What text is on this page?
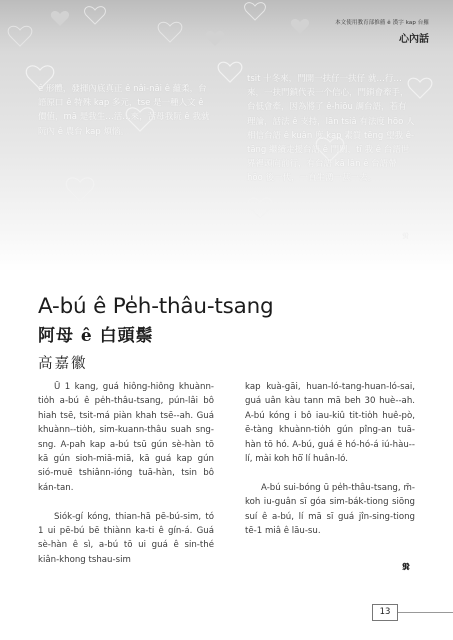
本文使用教育部推薦 ê 漢字 kap 台羅
心內話
ê 形體，發揮內底真正 ê nâi-nāi ê 蘊柔，台語原口 ê 特殊 kap 多元，tse 是一種人文 ê 價值，mā 是我生…活…來，苦母我阮 ê 我就阮內 ê 農台 kap 煩惱。
tsit 十冬來，門開一扶仔一扶仔 就…行…來，一扶門鎖代表一个信心，門鎖會牽手，台低會牽，因為將了 ê-hiōu 調台語，若有理論，話法 ê 支持，lān tsiâ 有法度 hōo 人相信台語 ê kuân 度 kap 素質 tēng 望我 ê-tāng 繼續走援台語 ê 門關，tī 我 ê 台語世界裡頭向前行，有台語 kā lân ê 台語帶 hōo 後一代，一直生湧一甚一去。
𝕹
A-bú ê Pe̍h-thâu-tsang
阿母 ê 白頭鬃
高嘉徽

Ū 1 kang, guá hiông-hiông khuànn-tio̍h a-bú ê pe̍h-thâu-tsang, pún-lâi bô hiah tsē, tsit-má piàn khah tsē--ah. Guá khuànn--tio̍h, sim-kuann-thâu suah sng-sng. A-pah kap a-bú tsū gún sè-hàn tō kā gún sioh-miā-miā, kā guá kap gún sió-muē tshiânn-ióng tuā-hàn, tsin bô kán-tan.

Siók-gí kóng, thian-hā pē-bú-sim, tó 1 ui pē-bú bē thiànn ka-ti ê gín-á. Guá sè-hàn ê sì, a-bú tō ui guá ê sin-thé kiân-khong tshau-sim

kap kuà-gāi, huan-ló-tang-huan-ló-sai, guá uân kàu tann mā beh 30 huè--ah. A-bú kóng i bô iau-kiû tit-tio̍h huê-pò, ē-tàng khuànn-tio̍h gún pîng-an tuā-hàn tō hó. A-bú, guá ē hó-hó-á iú-hàu--lí, mài koh hō͘ lí huân-ló.

A-bú sui-bóng ū pe̍h-thâu-tsang, m̄-koh iu-guân sī góa sim-bák-tiong siōng suí ê a-bú, lí mā sī guá jîn-sing-tiong tē-1 miâ ê lāu-su.

𝕹
13
